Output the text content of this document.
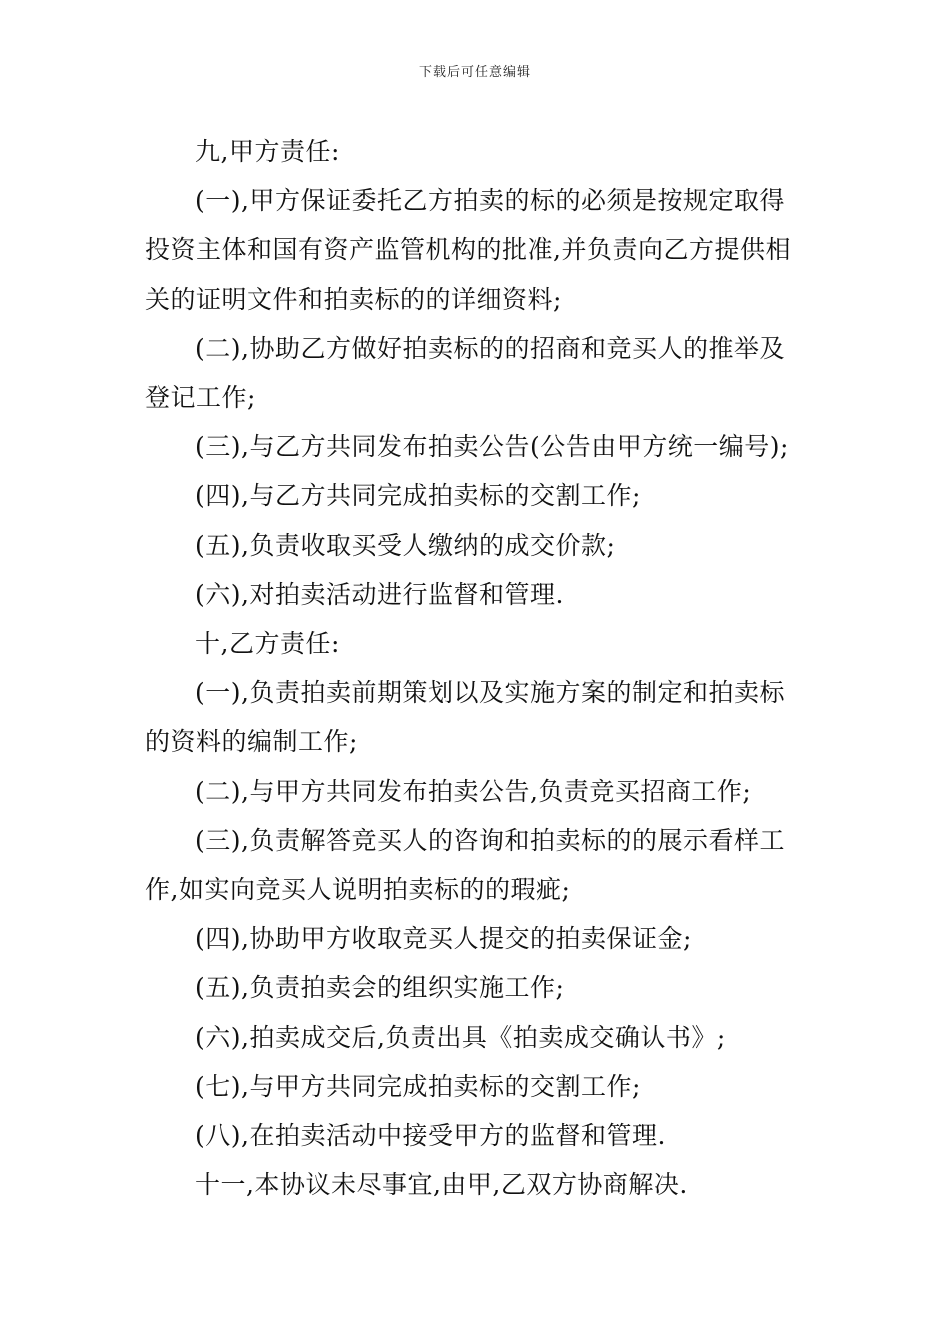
下载后可任意编辑

九,甲方责任:

(一),甲方保证委托乙方拍卖的标的必须是按规定取得投资主体和国有资产监管机构的批准,并负责向乙方提供相关的证明文件和拍卖标的的详细资料;

(二),协助乙方做好拍卖标的的招商和竞买人的推举及登记工作;

(三),与乙方共同发布拍卖公告(公告由甲方统一编号);

(四),与乙方共同完成拍卖标的交割工作;

(五),负责收取买受人缴纳的成交价款;

(六),对拍卖活动进行监督和管理.

十,乙方责任:

(一),负责拍卖前期策划以及实施方案的制定和拍卖标的资料的编制工作;

(二),与甲方共同发布拍卖公告,负责竞买招商工作;

(三),负责解答竞买人的咨询和拍卖标的的展示看样工作,如实向竞买人说明拍卖标的的瑕疵;

(四),协助甲方收取竞买人提交的拍卖保证金;

(五),负责拍卖会的组织实施工作;

(六),拍卖成交后,负责出具《拍卖成交确认书》;

(七),与甲方共同完成拍卖标的交割工作;

(八),在拍卖活动中接受甲方的监督和管理.

十一,本协议未尽事宜,由甲,乙双方协商解决.
